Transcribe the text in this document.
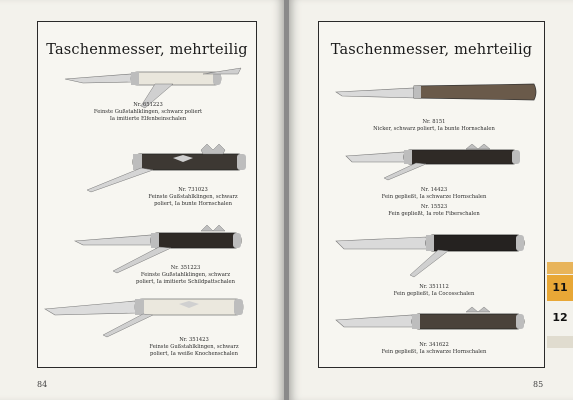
Taschenmesser, mehrteilig
Nr. 651223
Feinste Gußstahlklingen, schwarz poliert
Ia imitierte Elfenbeinschalen
Nr. 731023
Feinste Gußstahlklingen, schwarz
poliert, Ia bunte Hornschalen
Nr. 351223
Feinste Gußstahlklingen, schwarz
poliert, Ia imitierte Schildpattschalen
Nr. 351423
Feinste Gußstahlklingen, schwarz
poliert, Ia weiße Knochenschalen
84
Taschenmesser, mehrteilig
Nr. 8151
Nicker, schwarz poliert, Ia bunte Hornschalen
Nr. 14423
Fein gepließt, Ia schwarze Hornschalen
Nr. 15523
Fein gepließt, Ia rote Fiberschalen
Nr. 351112
Fein gepließt, Ia Cocosschalen
Nr. 341622
Fein gepließt, Ia schwarze Hornschalen
85
11
12
